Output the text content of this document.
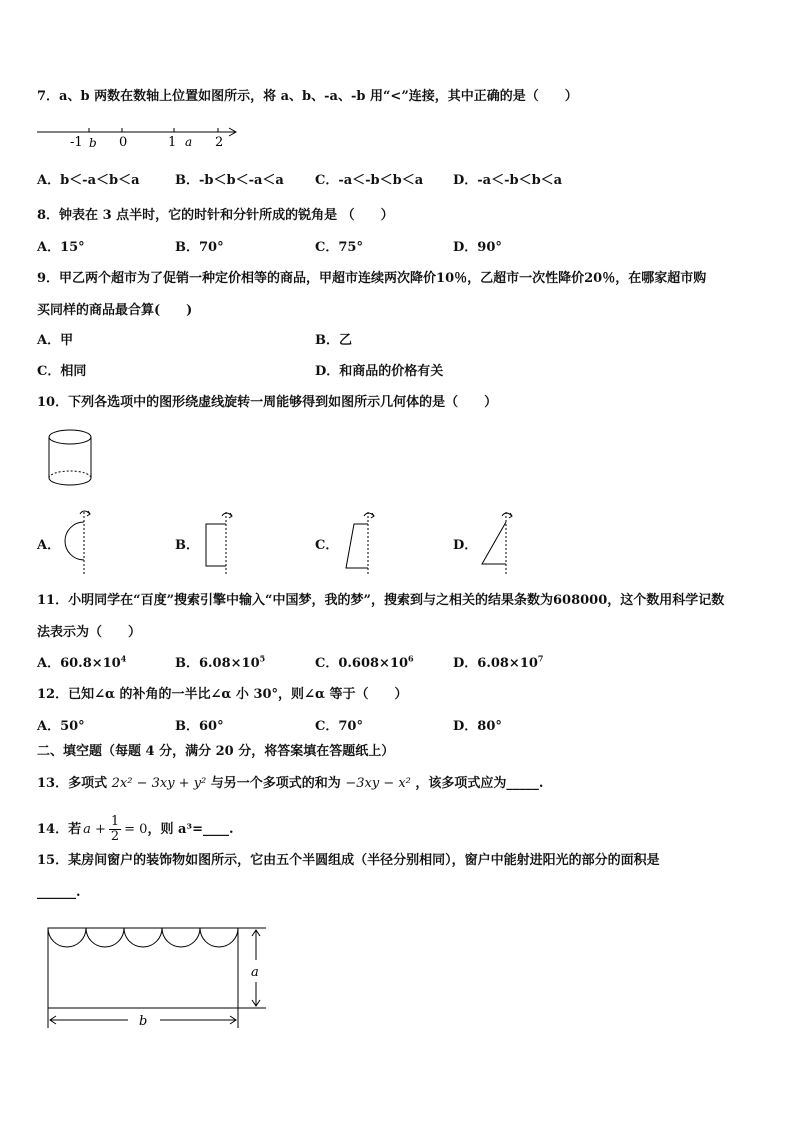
7．a、b 两数在数轴上位置如图所示，将 a、b、-a、-b 用“<”连接，其中正确的是（　　）
-1 b 0	1 a 2
A．b＜-a＜b＜a	B．-b＜b＜-a＜a C．-a＜-b＜b＜a D．-a＜-b＜b＜a
8．钟表在 3 点半时，它的时针和分针所成的锐角是 （　　）
A．15°	B．70°	C．75°	D．90°
9．甲乙两个超市为了促销一种定价相等的商品，甲超市连续两次降价10％，乙超市一次性降价20％，在哪家超市购
买同样的商品最合算(　　)
A．甲	B．乙
C．相同	D．和商品的价格有关
10．下列各选项中的图形绕虚线旋转一周能够得到如图所示几何体的是（　　）
A．	B．	C．	D．
11．小明同学在“百度”搜索引擎中输入“中国梦，我的梦”，搜索到与之相关的结果条数为608000，这个数用科学记数
法表示为（　　）
A．$60.8\times 10^4$	B．$6.08\times 10^5$	C．$0.608\times 10^6$	D．$6.08\times 10^7$
12．已知∠α 的补角的一半比∠α 小 30°，则∠α 等于（　　）
A．50°	B．60°	C．70°	D．80°
二、填空题（每题 4 分，满分 20 分，将答案填在答题纸上）
13．多项式 2x² − 3xy + y² 与另一个多项式的和为 −3xy − x² ，该多项式应为_____.
14．若 $a + \frac{1}{2} = 0$ ，则 a³=____.
15．某房间窗户的装饰物如图所示，它由五个半圆组成（半径分别相同），窗户中能射进阳光的部分的面积是
______.
a
b
